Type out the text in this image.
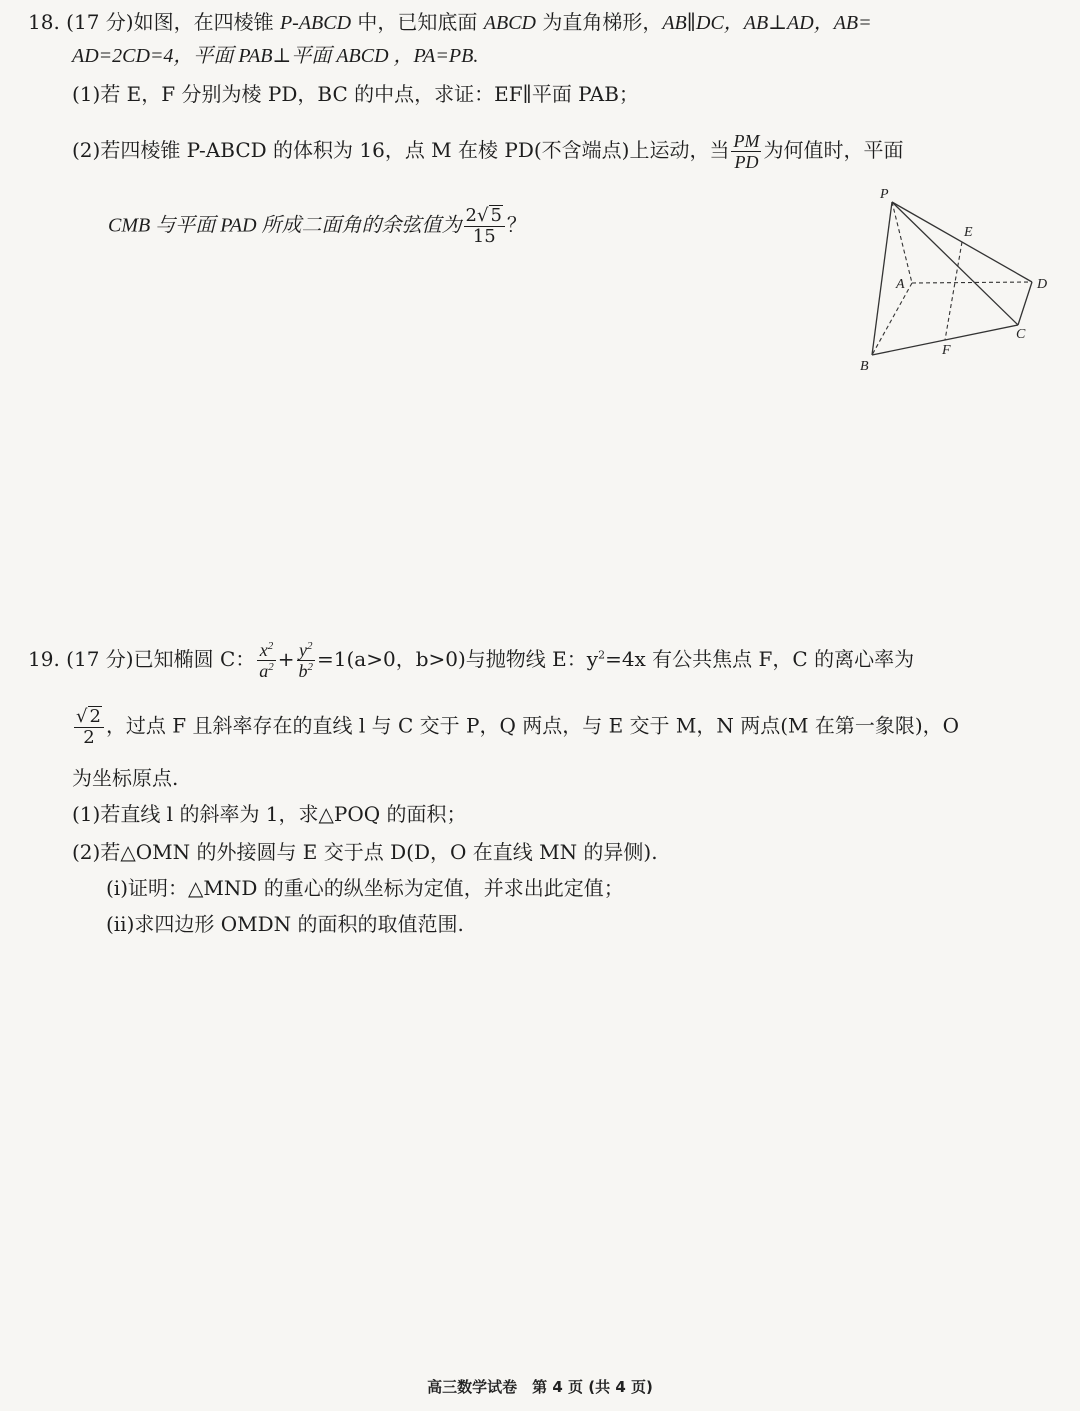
18. (17 分)如图，在四棱锥 P-ABCD 中，已知底面 ABCD 为直角梯形，AB∥DC，AB⊥AD，AB=
AD=2CD=4，平面 PAB⊥平面 ABCD ，PA=PB.
(1)若 E，F 分别为棱 PD，BC 的中点，求证：EF∥平面 PAB；
(2)若四棱锥 P-ABCD 的体积为 16，点 M 在棱 PD(不含端点)上运动，当 $\frac{PM}{PD}$ 为何值时，平面
CMB 与平面 PAD 所成二面角的余弦值为 $\frac{2√ 5}{15}$ ？
P
E
A	D
C
F
B
19. (17 分)已知椭圆 C： $\frac{x^2}{a^2} + \frac{y^2}{b^2} =1(a>0$，b>0)与抛物线 E：$y^2=4x$ 有公共焦点 F，C 的离心率为
$\frac{√ 2}{2}$ ，过点 F 且斜率存在的直线 l 与 C 交于 P，Q 两点，与 E 交于 M，N 两点(M 在第一象限)，O
为坐标原点.
(1)若直线 l 的斜率为 1，求△POQ 的面积；
(2)若△OMN 的外接圆与 E 交于点 D(D，O 在直线 MN 的异侧).
(ⅰ)证明：△MND 的重心的纵坐标为定值，并求出此定值；
(ⅱ)求四边形 OMDN 的面积的取值范围.
高三数学试卷　第 4 页 (共 4 页)
